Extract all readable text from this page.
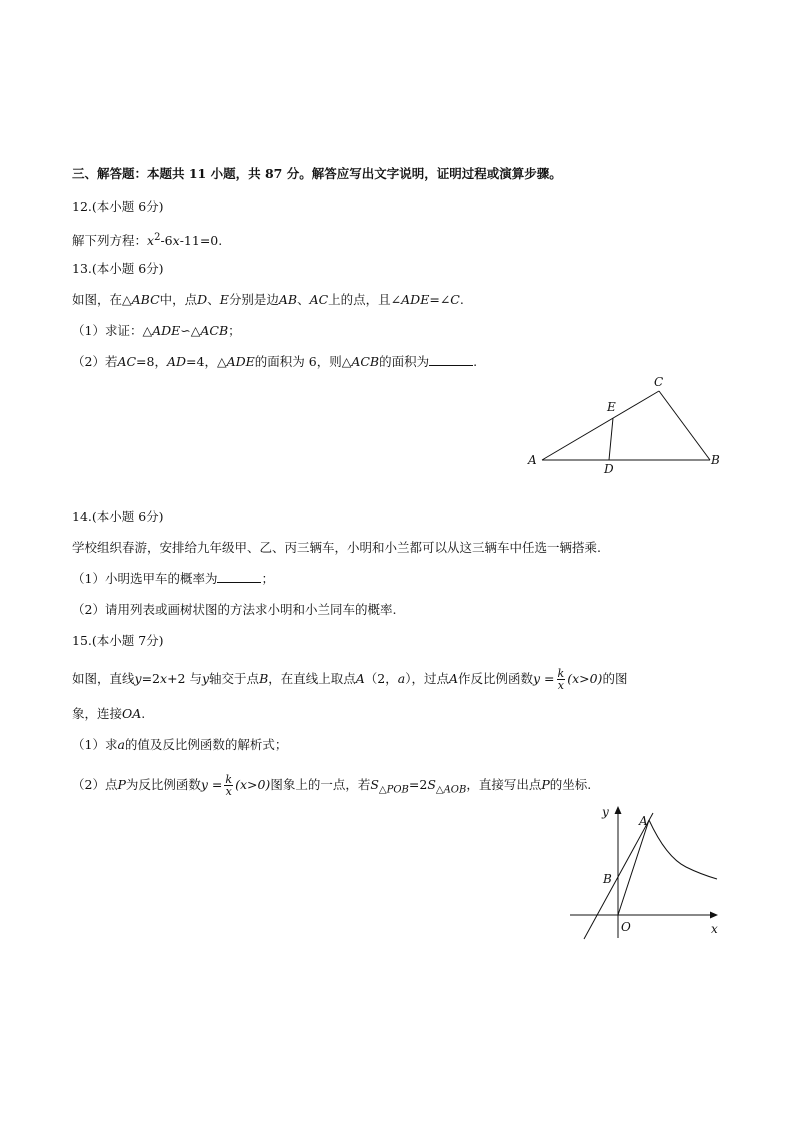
三、解答题：本题共 11 小题，共 87 分。解答应写出文字说明，证明过程或演算步骤。
12.(本小题 6分)
解下列方程：$x^2-6x-11=0$.
13.(本小题 6分)
如图，在△ABC中，点D、E分别是边AB、AC上的点，且∠ADE=∠C.
（1）求证：△ADE∽△ACB；
（2）若AC=8，AD=4，△ADE的面积为 6，则△ACB的面积为	.
A	B
C
D
E
14.(本小题 6分)
学校组织春游，安排给九年级甲、乙、丙三辆车，小明和小兰都可以从这三辆车中任选一辆搭乘.
（1）小明选甲车的概率为	；
（2）请用列表或画树状图的方法求小明和小兰同车的概率.
15.(本小题 7分)
如图，直线y=2x+2 与y轴交于点B，在直线上取点A（2，a），过点A作反比例函数$y = \frac{k}{x} (x>0)$的图
象，连接OA.
（1）求a的值及反比例函数的解析式；
（2）点P为反比例函数$y = \frac{k}{x} (x>0)$图象上的一点，若$S_{\triangle POB}=2S_{\triangle AOB}$，直接写出点P的坐标.
y
x
A
B
O
